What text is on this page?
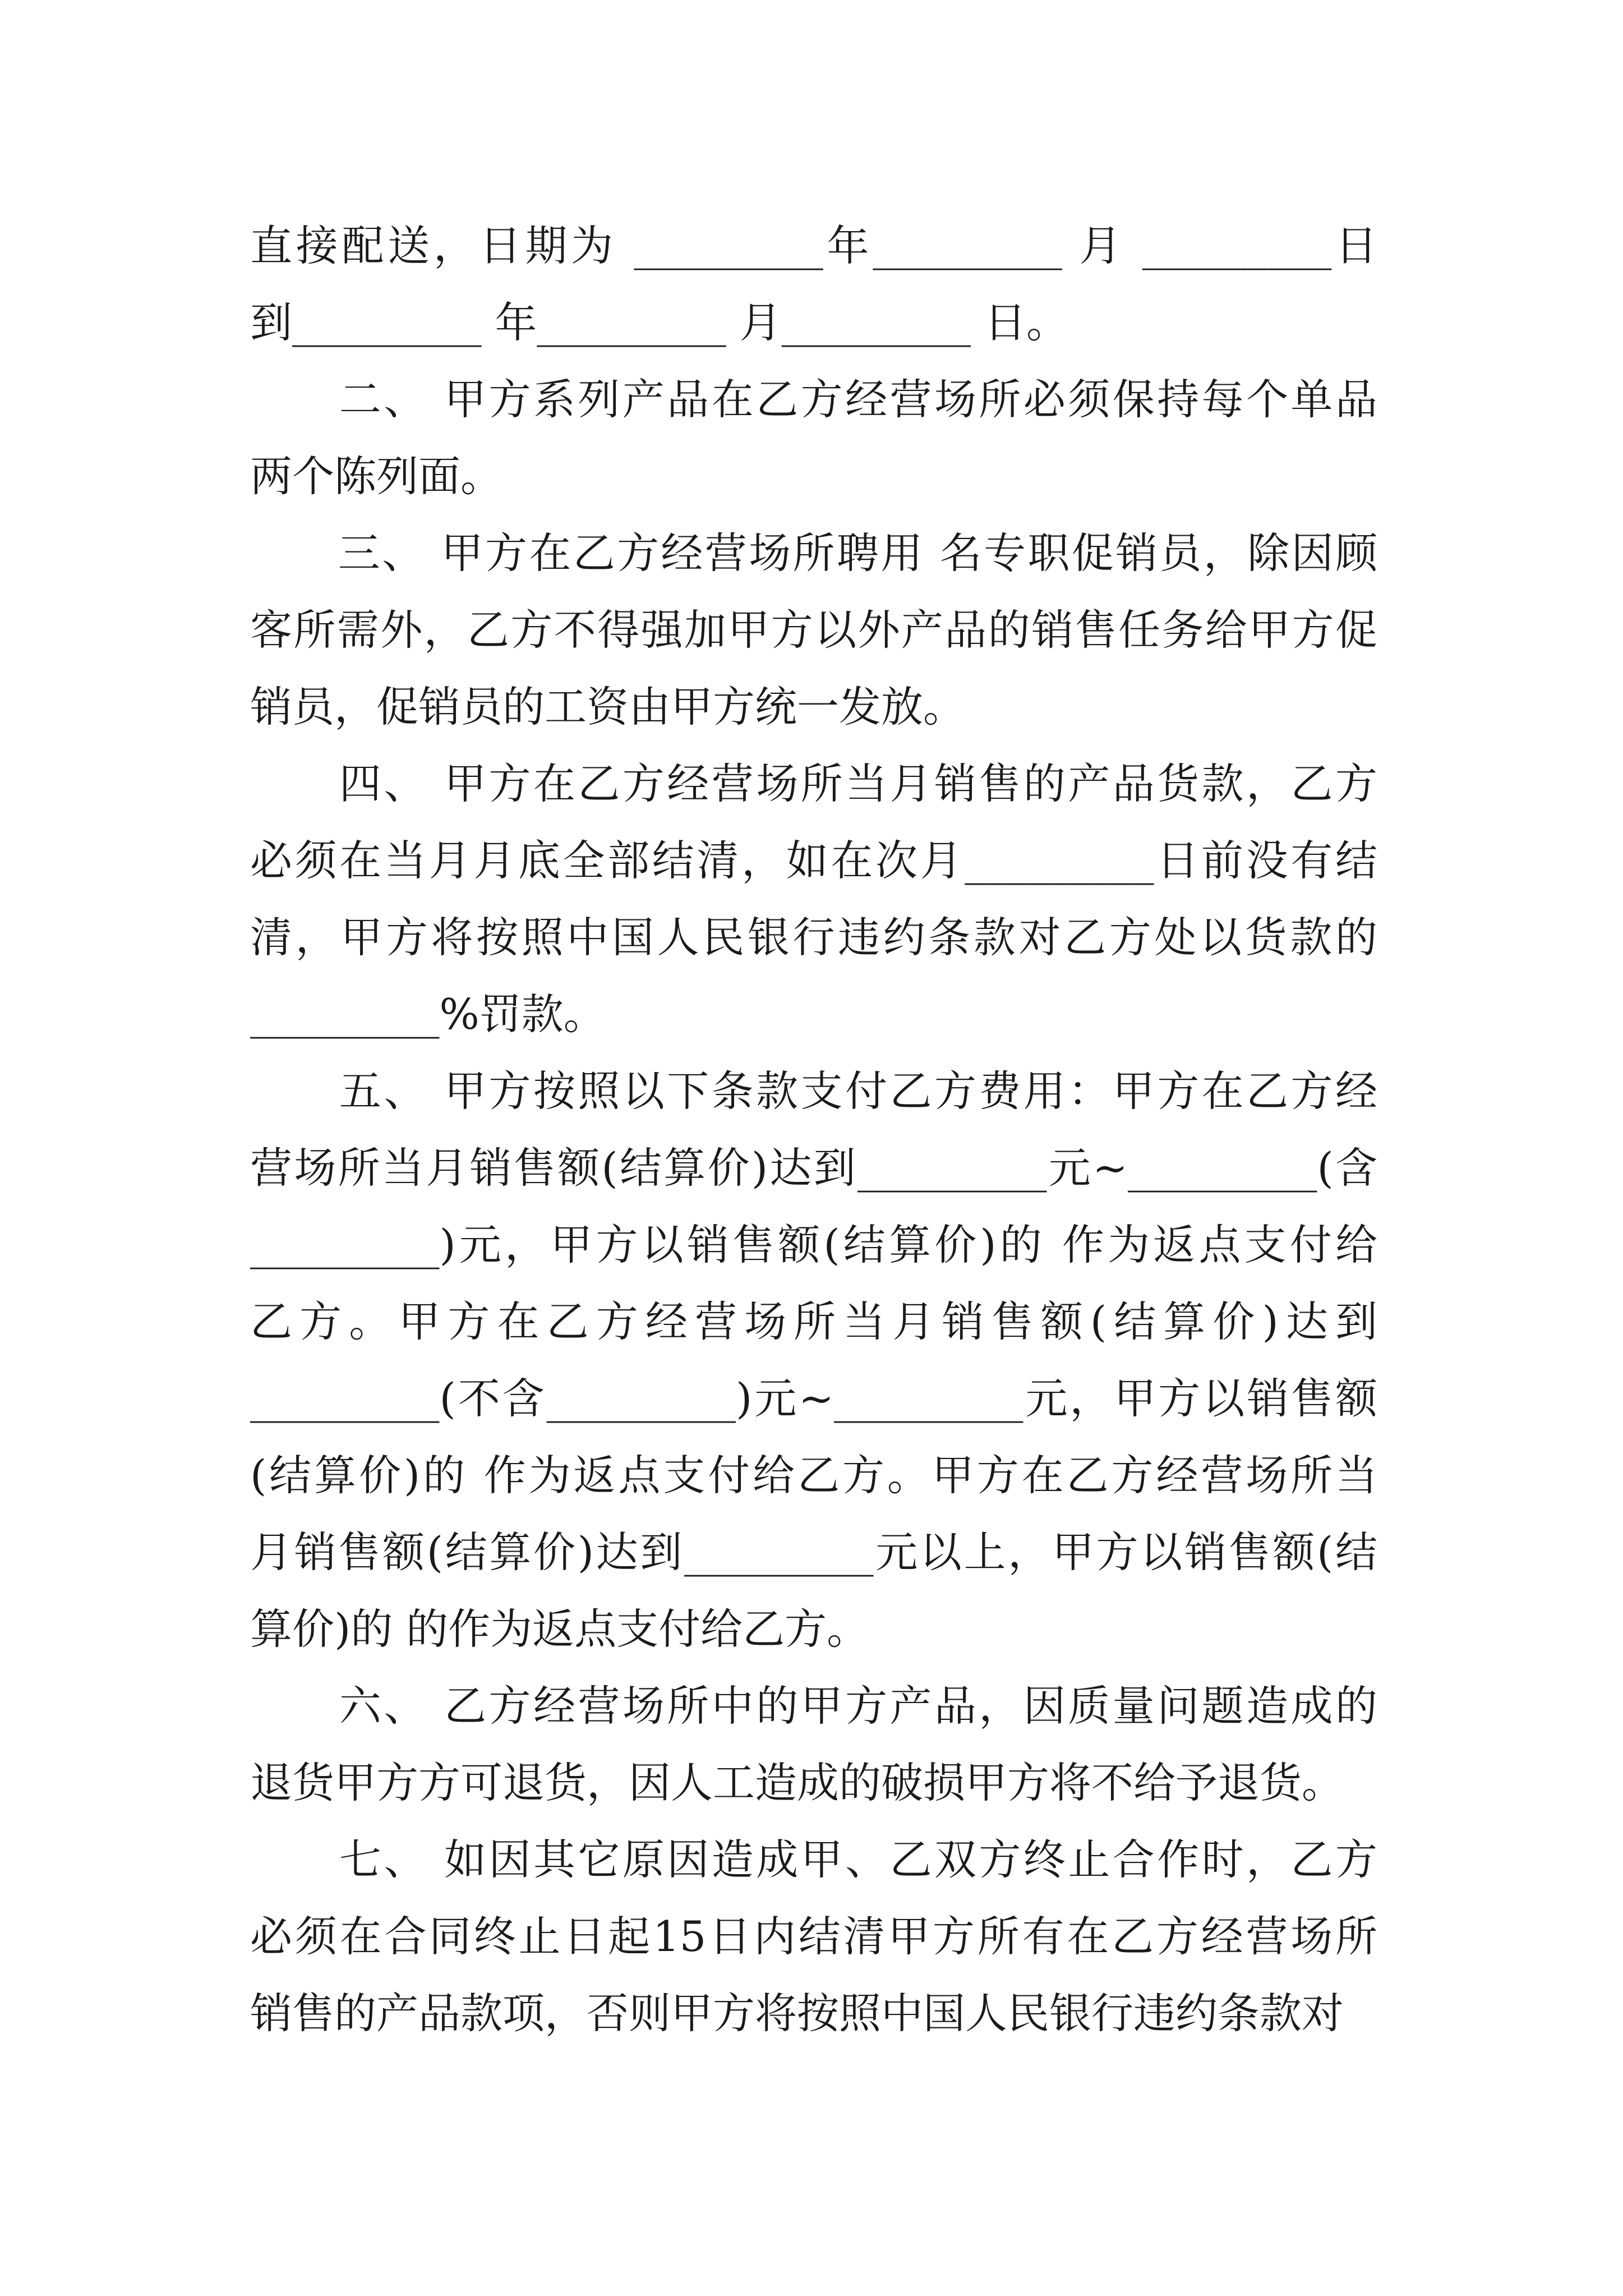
直接配送，日期为 _________年_________ 月 _________日
到_________ 年_________ 月_________ 日。
　　二、 甲方系列产品在乙方经营场所必须保持每个单品
两个陈列面。
　　三、 甲方在乙方经营场所聘用 名专职促销员，除因顾
客所需外，乙方不得强加甲方以外产品的销售任务给甲方促
销员，促销员的工资由甲方统一发放。
　　四、 甲方在乙方经营场所当月销售的产品货款，乙方
必须在当月月底全部结清，如在次月_________日前没有结
清，甲方将按照中国人民银行违约条款对乙方处以货款的
_________%罚款。
　　五、 甲方按照以下条款支付乙方费用：甲方在乙方经
营场所当月销售额(结算价)达到_________元~_________(含
_________)元，甲方以销售额(结算价)的 作为返点支付给
乙方。甲方在乙方经营场所当月销售额(结算价)达到
_________(不含_________)元~_________元，甲方以销售额
(结算价)的 作为返点支付给乙方。甲方在乙方经营场所当
月销售额(结算价)达到_________元以上，甲方以销售额(结
算价)的 的作为返点支付给乙方。
　　六、 乙方经营场所中的甲方产品，因质量问题造成的
退货甲方方可退货，因人工造成的破损甲方将不给予退货。
　　七、 如因其它原因造成甲、乙双方终止合作时，乙方
必须在合同终止日起15日内结清甲方所有在乙方经营场所
销售的产品款项，否则甲方将按照中国人民银行违约条款对
